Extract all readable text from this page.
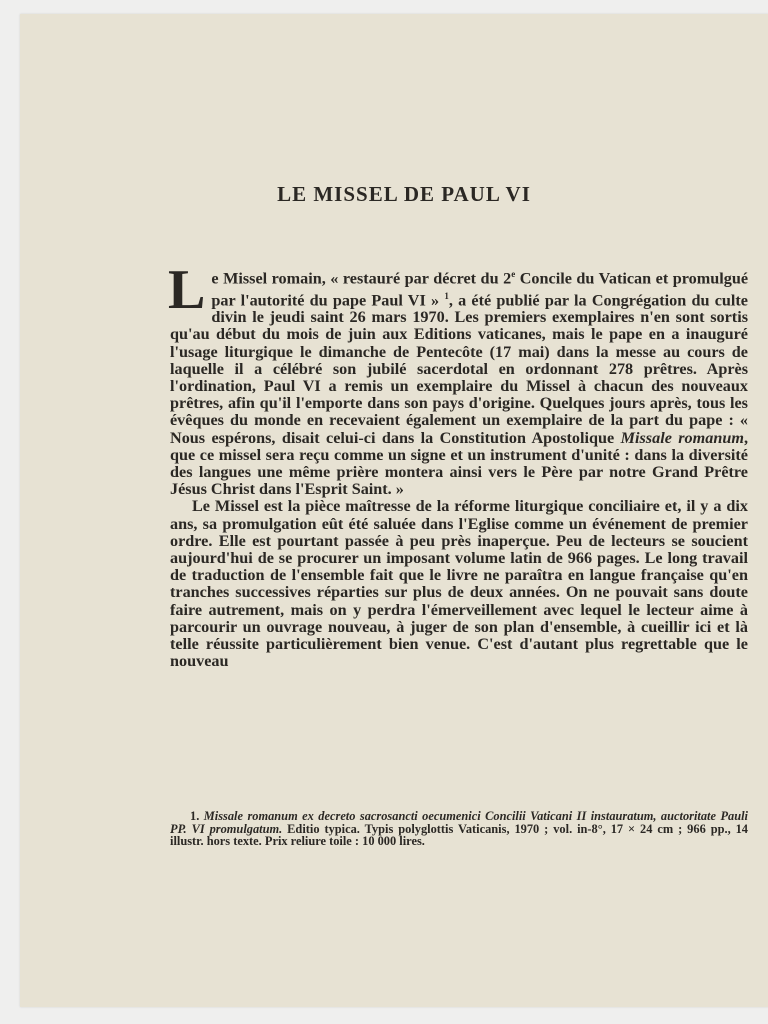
LE MISSEL DE PAUL VI

Le Missel romain, « restauré par décret du 2e Concile du Vatican et promulgué par l'autorité du pape Paul VI » $^1$, a été publié par la Congrégation du culte divin le jeudi saint 26 mars 1970. Les premiers exemplaires n'en sont sortis qu'au début du mois de juin aux Editions vaticanes, mais le pape en a inauguré l'usage liturgique le dimanche de Pentecôte (17 mai) dans la messe au cours de laquelle il a célébré son jubilé sacerdotal en ordonnant 278 prêtres. Après l'ordination, Paul VI a remis un exemplaire du Missel à chacun des nouveaux prêtres, afin qu'il l'emporte dans son pays d'origine. Quelques jours après, tous les évêques du monde en recevaient également un exemplaire de la part du pape : « Nous espérons, disait celui-ci dans la Constitution Apostolique Missale romanum, que ce missel sera reçu comme un signe et un instrument d'unité : dans la diversité des langues une même prière montera ainsi vers le Père par notre Grand Prêtre Jésus Christ dans l'Esprit Saint. »

Le Missel est la pièce maîtresse de la réforme liturgique conciliaire et, il y a dix ans, sa promulgation eût été saluée dans l'Eglise comme un événement de premier ordre. Elle est pourtant passée à peu près inaperçue. Peu de lecteurs se soucient aujourd'hui de se procurer un imposant volume latin de 966 pages. Le long travail de traduction de l'ensemble fait que le livre ne paraîtra en langue française qu'en tranches successives réparties sur plus de deux années. On ne pouvait sans doute faire autrement, mais on y perdra l'émerveillement avec lequel le lecteur aime à parcourir un ouvrage nouveau, à juger de son plan d'ensemble, à cueillir ici et là telle réussite particulièrement bien venue. C'est d'autant plus regrettable que le nouveau

1. Missale romanum ex decreto sacrosancti oecumenici Concilii Vaticani II instauratum, auctoritate Pauli PP. VI promulgatum. Editio typica. Typis polyglottis Vaticanis, 1970 ; vol. in-8°, 17 × 24 cm ; 966 pp., 14 illustr. hors texte. Prix reliure toile : 10 000 lires.
